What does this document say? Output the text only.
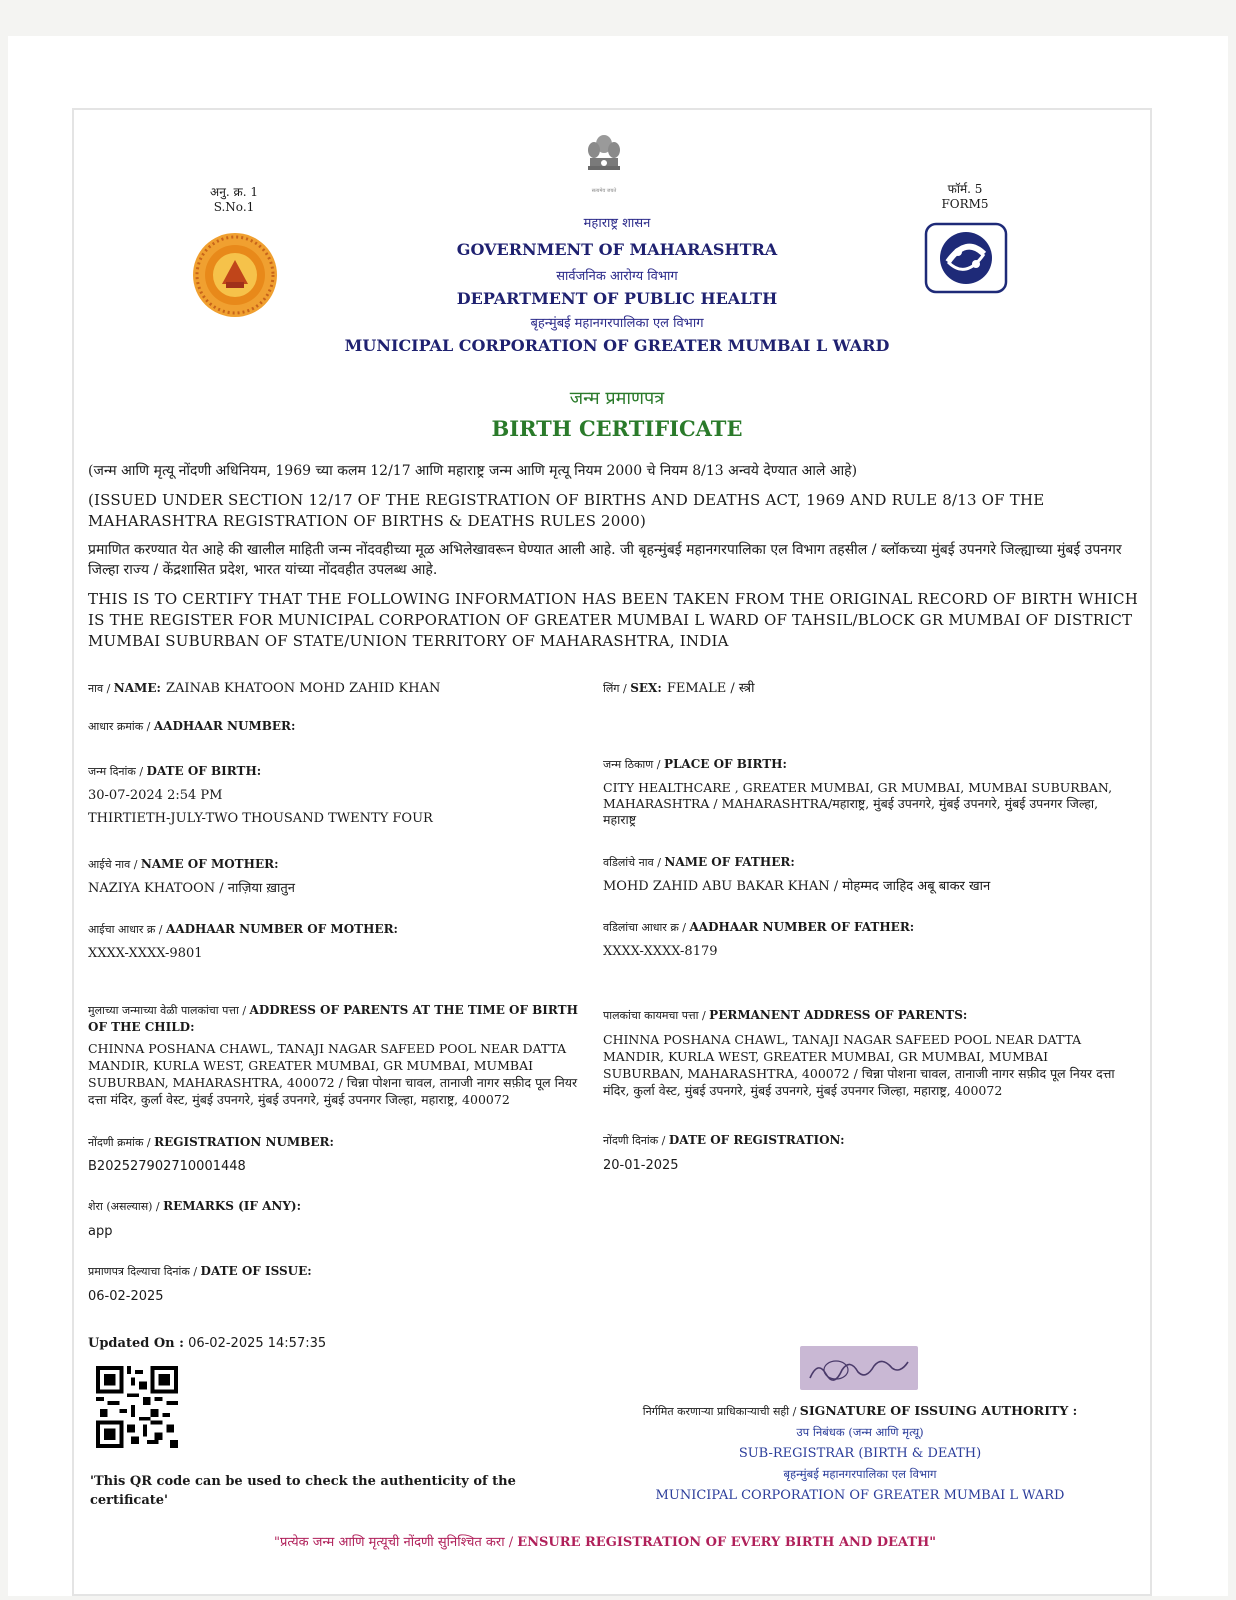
अनु. क्र. 1
S.No.1
फॉर्म. 5
FORM5
सत्यमेव जयते
महाराष्ट्र शासन
GOVERNMENT OF MAHARASHTRA
सार्वजनिक आरोग्य विभाग
DEPARTMENT OF PUBLIC HEALTH
बृहन्मुंबई महानगरपालिका एल विभाग
MUNICIPAL CORPORATION OF GREATER MUMBAI L WARD
जन्म प्रमाणपत्र
BIRTH CERTIFICATE
(जन्म आणि मृत्यू नोंदणी अधिनियम, 1969 च्या कलम 12/17 आणि महाराष्ट्र जन्म आणि मृत्यू नियम 2000 चे नियम 8/13 अन्वये देण्यात आले आहे)
(ISSUED UNDER SECTION 12/17 OF THE REGISTRATION OF BIRTHS AND DEATHS ACT, 1969 AND RULE 8/13 OF THE MAHARASHTRA REGISTRATION OF BIRTHS & DEATHS RULES 2000)
प्रमाणित करण्यात येत आहे की खालील माहिती जन्म नोंदवहीच्या मूळ अभिलेखावरून घेण्यात आली आहे. जी बृहन्मुंबई महानगरपालिका एल विभाग तहसील / ब्लॉकच्या मुंबई उपनगरे जिल्ह्याच्या मुंबई उपनगर जिल्हा राज्य / केंद्रशासित प्रदेश, भारत यांच्या नोंदवहीत उपलब्ध आहे.
THIS IS TO CERTIFY THAT THE FOLLOWING INFORMATION HAS BEEN TAKEN FROM THE ORIGINAL RECORD OF BIRTH WHICH IS THE REGISTER FOR MUNICIPAL CORPORATION OF GREATER MUMBAI L WARD OF TAHSIL/BLOCK GR MUMBAI OF DISTRICT MUMBAI SUBURBAN OF STATE/UNION TERRITORY OF MAHARASHTRA, INDIA
नाव / NAME: ZAINAB KHATOON MOHD ZAHID KHAN	लिंग / SEX: FEMALE / स्त्री
आधार क्रमांक / AADHAAR NUMBER:
जन्म दिनांक / DATE OF BIRTH:
30-07-2024 2:54 PM
THIRTIETH-JULY-TWO THOUSAND TWENTY FOUR
जन्म ठिकाण / PLACE OF BIRTH:
CITY HEALTHCARE , GREATER MUMBAI, GR MUMBAI, MUMBAI SUBURBAN, MAHARASHTRA / MAHARASHTRA/महाराष्ट्र, मुंबई उपनगरे, मुंबई उपनगरे, मुंबई उपनगर जिल्हा, महाराष्ट्र
आईचे नाव / NAME OF MOTHER:
NAZIYA KHATOON / नाज़िया ख़ातुन
वडिलांचे नाव / NAME OF FATHER:
MOHD ZAHID ABU BAKAR KHAN / मोहम्मद जाहिद अबू बाकर खान
आईचा आधार क्र / AADHAAR NUMBER OF MOTHER:
XXXX-XXXX-9801
वडिलांचा आधार क्र / AADHAAR NUMBER OF FATHER:
XXXX-XXXX-8179
मुलाच्या जन्माच्या वेळी पालकांचा पत्ता / ADDRESS OF PARENTS AT THE TIME OF BIRTH OF THE CHILD:
CHINNA POSHANA CHAWL, TANAJI NAGAR SAFEED POOL NEAR DATTA MANDIR, KURLA WEST, GREATER MUMBAI, GR MUMBAI, MUMBAI SUBURBAN, MAHARASHTRA, 400072 / चिन्ना पोशना चावल, तानाजी नागर सफ़ीद पूल नियर दत्ता मंदिर, कुर्ला वेस्ट, मुंबई उपनगरे, मुंबई उपनगरे, मुंबई उपनगर जिल्हा, महाराष्ट्र, 400072
पालकांचा कायमचा पत्ता / PERMANENT ADDRESS OF PARENTS:
CHINNA POSHANA CHAWL, TANAJI NAGAR SAFEED POOL NEAR DATTA MANDIR, KURLA WEST, GREATER MUMBAI, GR MUMBAI, MUMBAI SUBURBAN, MAHARASHTRA, 400072 / चिन्ना पोशना चावल, तानाजी नागर सफ़ीद पूल नियर दत्ता मंदिर, कुर्ला वेस्ट, मुंबई उपनगरे, मुंबई उपनगरे, मुंबई उपनगर जिल्हा, महाराष्ट्र, 400072
नोंदणी क्रमांक / REGISTRATION NUMBER:
B202527902710001448
नोंदणी दिनांक / DATE OF REGISTRATION:
20-01-2025
शेरा (असल्यास) / REMARKS (IF ANY):
app
प्रमाणपत्र दिल्याचा दिनांक / DATE OF ISSUE:
06-02-2025
Updated On : 06-02-2025 14:57:35
'This QR code can be used to check the authenticity of the certificate'
निर्गमित करणाऱ्या प्राधिकाऱ्याची सही / SIGNATURE OF ISSUING AUTHORITY :
उप निबंधक (जन्म आणि मृत्यू)
SUB-REGISTRAR (BIRTH & DEATH)
बृहन्मुंबई महानगरपालिका एल विभाग
MUNICIPAL CORPORATION OF GREATER MUMBAI L WARD
"प्रत्येक जन्म आणि मृत्यूची नोंदणी सुनिश्चित करा / ENSURE REGISTRATION OF EVERY BIRTH AND DEATH"
